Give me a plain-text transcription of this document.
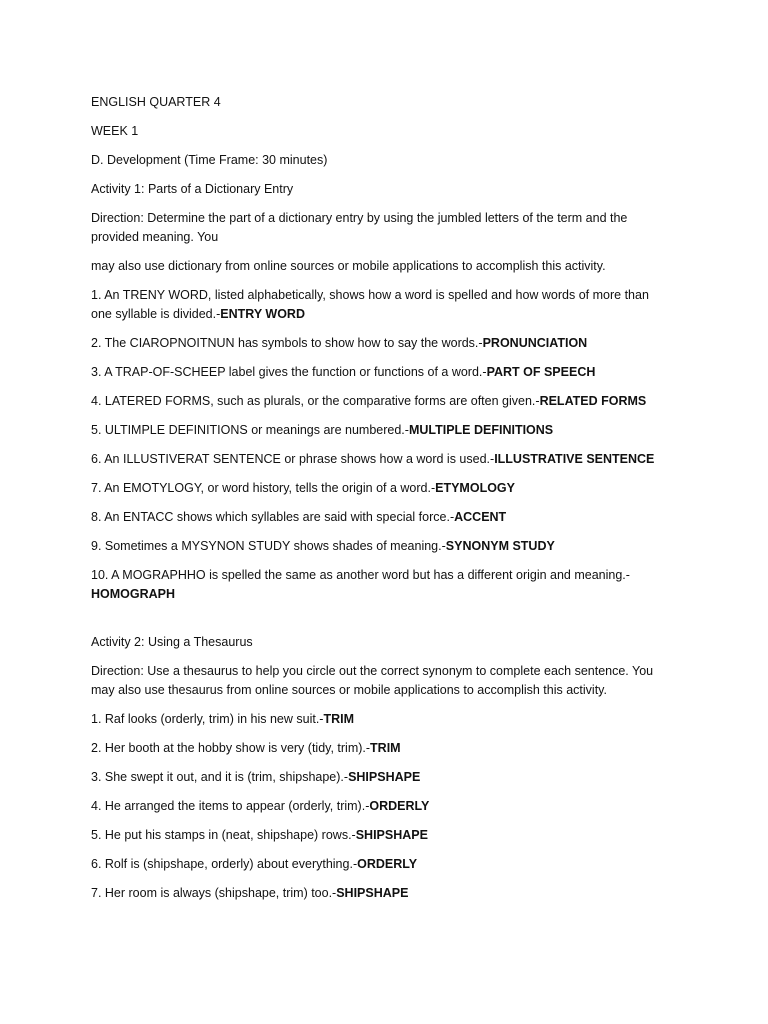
ENGLISH QUARTER 4
WEEK 1
D. Development (Time Frame: 30 minutes)
Activity 1: Parts of a Dictionary Entry
Direction: Determine the part of a dictionary entry by using the jumbled letters of the term and the provided meaning. You
may also use dictionary from online sources or mobile applications to accomplish this activity.
1. An TRENY WORD, listed alphabetically, shows how a word is spelled and how words of more than one syllable is divided.-ENTRY WORD
2. The CIAROPNOITNUN has symbols to show how to say the words.-PRONUNCIATION
3. A TRAP-OF-SCHEEP label gives the function or functions of a word.-PART OF SPEECH
4. LATERED FORMS, such as plurals, or the comparative forms are often given.-RELATED FORMS
5. ULTIMPLE DEFINITIONS or meanings are numbered.-MULTIPLE DEFINITIONS
6. An ILLUSTIVERAT SENTENCE or phrase shows how a word is used.-ILLUSTRATIVE SENTENCE
7. An EMOTYLOGY, or word history, tells the origin of a word.-ETYMOLOGY
8. An ENTACC shows which syllables are said with special force.-ACCENT
9. Sometimes a MYSYNON STUDY shows shades of meaning.-SYNONYM STUDY
10. A MOGRAPHHO is spelled the same as another word but has a different origin and meaning.-HOMOGRAPH
Activity 2: Using a Thesaurus
Direction: Use a thesaurus to help you circle out the correct synonym to complete each sentence. You may also use thesaurus from online sources or mobile applications to accomplish this activity.
1. Raf looks (orderly, trim) in his new suit.-TRIM
2. Her booth at the hobby show is very (tidy, trim).-TRIM
3. She swept it out, and it is (trim, shipshape).-SHIPSHAPE
4. He arranged the items to appear (orderly, trim).-ORDERLY
5. He put his stamps in (neat, shipshape) rows.-SHIPSHAPE
6. Rolf is (shipshape, orderly) about everything.-ORDERLY
7. Her room is always (shipshape, trim) too.-SHIPSHAPE
